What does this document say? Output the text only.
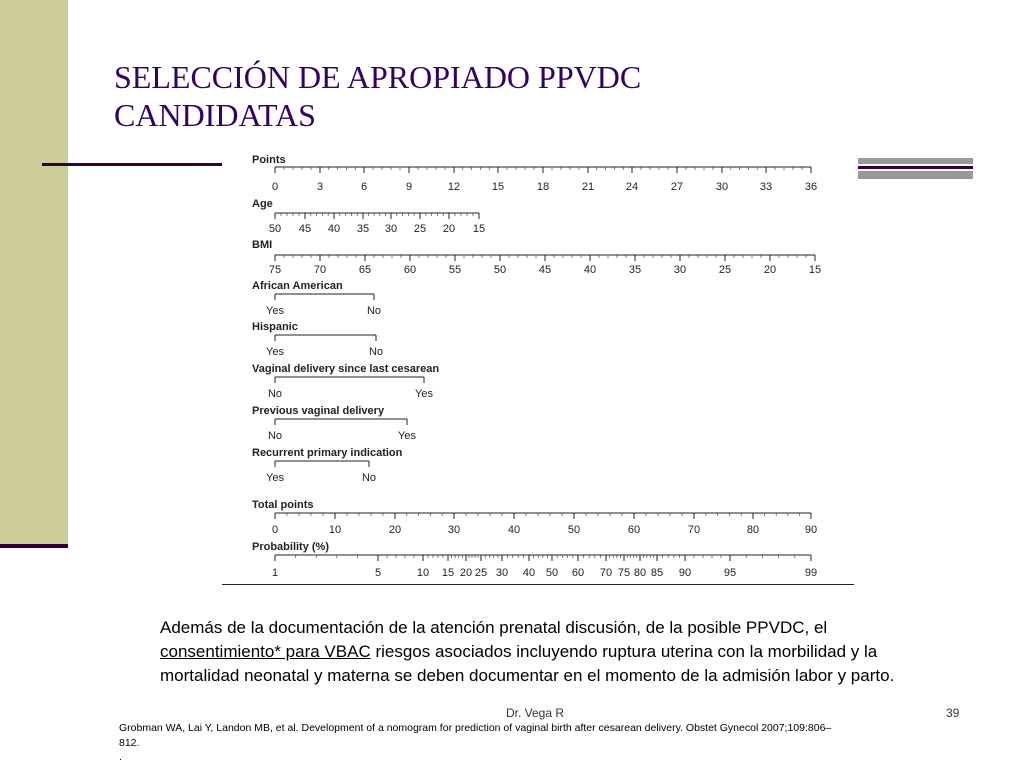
SELECCIÓN DE APROPIADO PPVDC
CANDIDATAS
Points
0	3	6	9	12	15	18	21	24	27	30	33	36
Age
50 45 40 35 30 25 20 15
BMI
75	70	65	60	55	50	45	40	35	30	25	20	15
African American
Yes	No
Hispanic
Yes	No
Vaginal delivery since last cesarean
No	Yes
Previous vaginal delivery
No	Yes
Recurrent primary indication
Yes	No
Total points
0	10	20	30	40	50	60	70	80	90
Probability (%)
1	5	10 15 20 25 30 40 50 60 70 75 80 85 90	95	99

Además de la documentación de la atención prenatal discusión, de la posible PPVDC, el consentimiento* para VBAC riesgos asociados incluyendo ruptura uterina con la morbilidad y la mortalidad neonatal y materna se deben documentar en el momento de la admisión labor y parto.

Dr. Vega R	39

Grobman WA, Lai Y, Landon MB, et al. Development of a nomogram for prediction of vaginal birth after cesarean delivery. Obstet Gynecol 2007;109:806–812.

.
